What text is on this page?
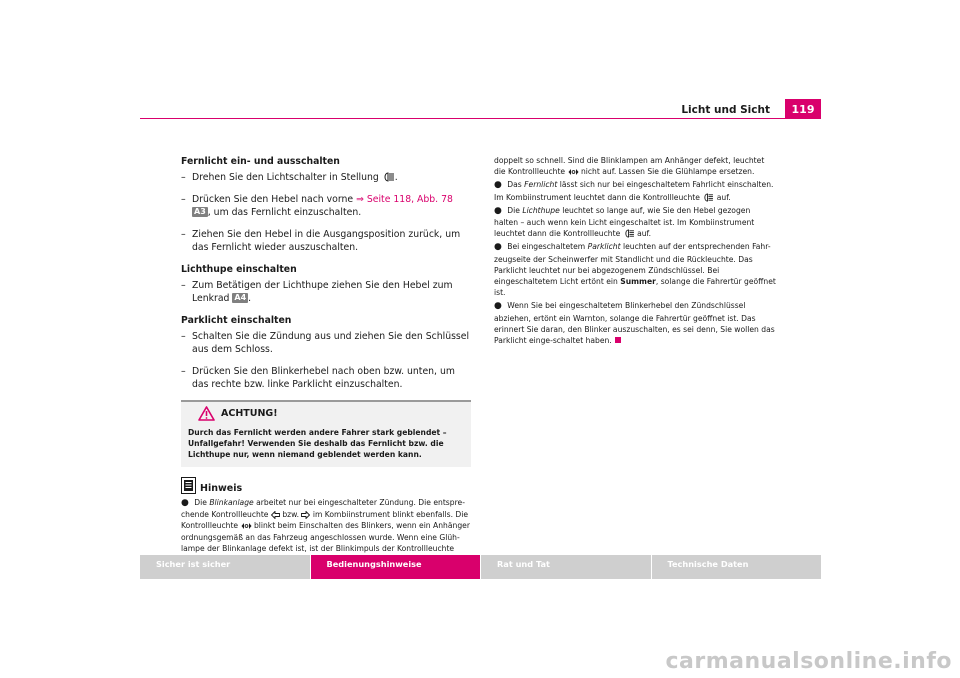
Licht und Sicht	119
Fernlicht ein- und ausschalten
– Drehen Sie den Lichtschalter in Stellung .
– Drücken Sie den Hebel nach vorne ⇒ Seite 118, Abb. 78 A3 , um das Fernlicht einzuschalten.
– Ziehen Sie den Hebel in die Ausgangsposition zurück, um das Fernlicht wieder auszuschalten.
Lichthupe einschalten
– Zum Betätigen der Lichthupe ziehen Sie den Hebel zum Lenkrad A4 .
Parklicht einschalten
– Schalten Sie die Zündung aus und ziehen Sie den Schlüssel aus dem Schloss.
– Drücken Sie den Blinkerhebel nach oben bzw. unten, um das rechte bzw. linke Parklicht einzuschalten.
ACHTUNG!
Durch das Fernlicht werden andere Fahrer stark geblendet – Unfallgefahr! Verwenden Sie deshalb das Fernlicht bzw. die Lichthupe nur, wenn niemand geblendet werden kann.
Hinweis
● Die Blinkanlage arbeitet nur bei eingeschalteter Zündung. Die entspre-chende Kontrollleuchte bzw. im Kombiinstrument blinkt ebenfalls. Die Kontrollleuchte blinkt beim Einschalten des Blinkers, wenn ein Anhänger ordnungsgemäß an das Fahrzeug angeschlossen wurde. Wenn eine Glüh-lampe der Blinkanlage defekt ist, ist der Blinkimpuls der Kontrollleuchte
doppelt so schnell. Sind die Blinklampen am Anhänger defekt, leuchtet die Kontrollleuchte nicht auf. Lassen Sie die Glühlampe ersetzen.
● Das Fernlicht lässt sich nur bei eingeschaltetem Fahrlicht einschalten. Im Kombiinstrument leuchtet dann die Kontrollleuchte auf.
● Die Lichthupe leuchtet so lange auf, wie Sie den Hebel gezogen halten – auch wenn kein Licht eingeschaltet ist. Im Kombiinstrument leuchtet dann die Kontrollleuchte auf.
● Bei eingeschaltetem Parklicht leuchten auf der entsprechenden Fahr-zeugseite der Scheinwerfer mit Standlicht und die Rückleuchte. Das Parklicht leuchtet nur bei abgezogenem Zündschlüssel. Bei eingeschaltetem Licht ertönt ein Summer, solange die Fahrertür geöffnet ist.
● Wenn Sie bei eingeschaltetem Blinkerhebel den Zündschlüssel abziehen, ertönt ein Warnton, solange die Fahrertür geöffnet ist. Das erinnert Sie daran, den Blinker auszuschalten, es sei denn, Sie wollen das Parklicht einge-schaltet haben.
Sicher ist sicher	Bedienungshinweise	Rat und Tat	Technische Daten
carmanualsonline.info
